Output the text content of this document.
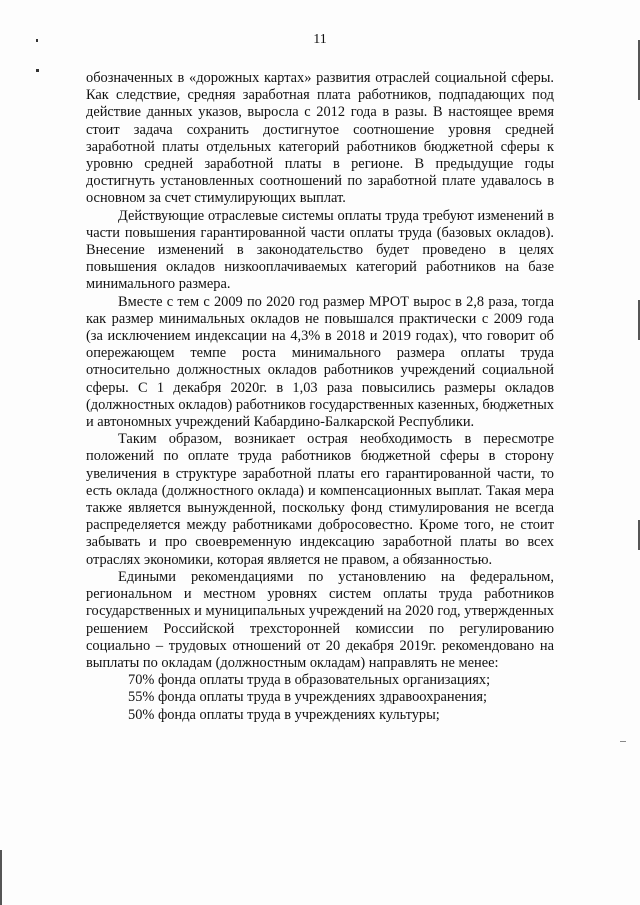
11

обозначенных в «дорожных картах» развития отраслей социальной сферы. Как следствие, средняя заработная плата работников, подпадающих под действие данных указов, выросла с 2012 года в разы. В настоящее время стоит задача сохранить достигнутое соотношение уровня средней заработной платы отдельных категорий работников бюджетной сферы к уровню средней заработной платы в регионе. В предыдущие годы достигнуть установленных соотношений по заработной плате удавалось в основном за счет стимулирующих выплат.

Действующие отраслевые системы оплаты труда требуют изменений в части повышения гарантированной части оплаты труда (базовых окладов). Внесение изменений в законодательство будет проведено в целях повышения окладов низкооплачиваемых категорий работников на базе минимального размера.

Вместе с тем с 2009 по 2020 год размер МРОТ вырос в 2,8 раза, тогда как размер минимальных окладов не повышался практически с 2009 года (за исключением индексации на 4,3% в 2018 и 2019 годах), что говорит об опережающем темпе роста минимального размера оплаты труда относительно должностных окладов работников учреждений социальной сферы. С 1 декабря 2020г. в 1,03 раза повысились размеры окладов (должностных окладов) работников государственных казенных, бюджетных и автономных учреждений Кабардино-Балкарской Республики.

Таким образом, возникает острая необходимость в пересмотре положений по оплате труда работников бюджетной сферы в сторону увеличения в структуре заработной платы его гарантированной части, то есть оклада (должностного оклада) и компенсационных выплат. Такая мера также является вынужденной, поскольку фонд стимулирования не всегда распределяется между работниками добросовестно. Кроме того, не стоит забывать и про своевременную индексацию заработной платы во всех отраслях экономики, которая является не правом, а обязанностью.

Едиными рекомендациями по установлению на федеральном, региональном и местном уровнях систем оплаты труда работников государственных и муниципальных учреждений на 2020 год, утвержденных решением Российской трехсторонней комиссии по регулированию социально – трудовых отношений от 20 декабря 2019г. рекомендовано на выплаты по окладам (должностным окладам) направлять не менее:

70% фонда оплаты труда в образовательных организациях;
55% фонда оплаты труда в учреждениях здравоохранения;
50% фонда оплаты труда в учреждениях культуры;
